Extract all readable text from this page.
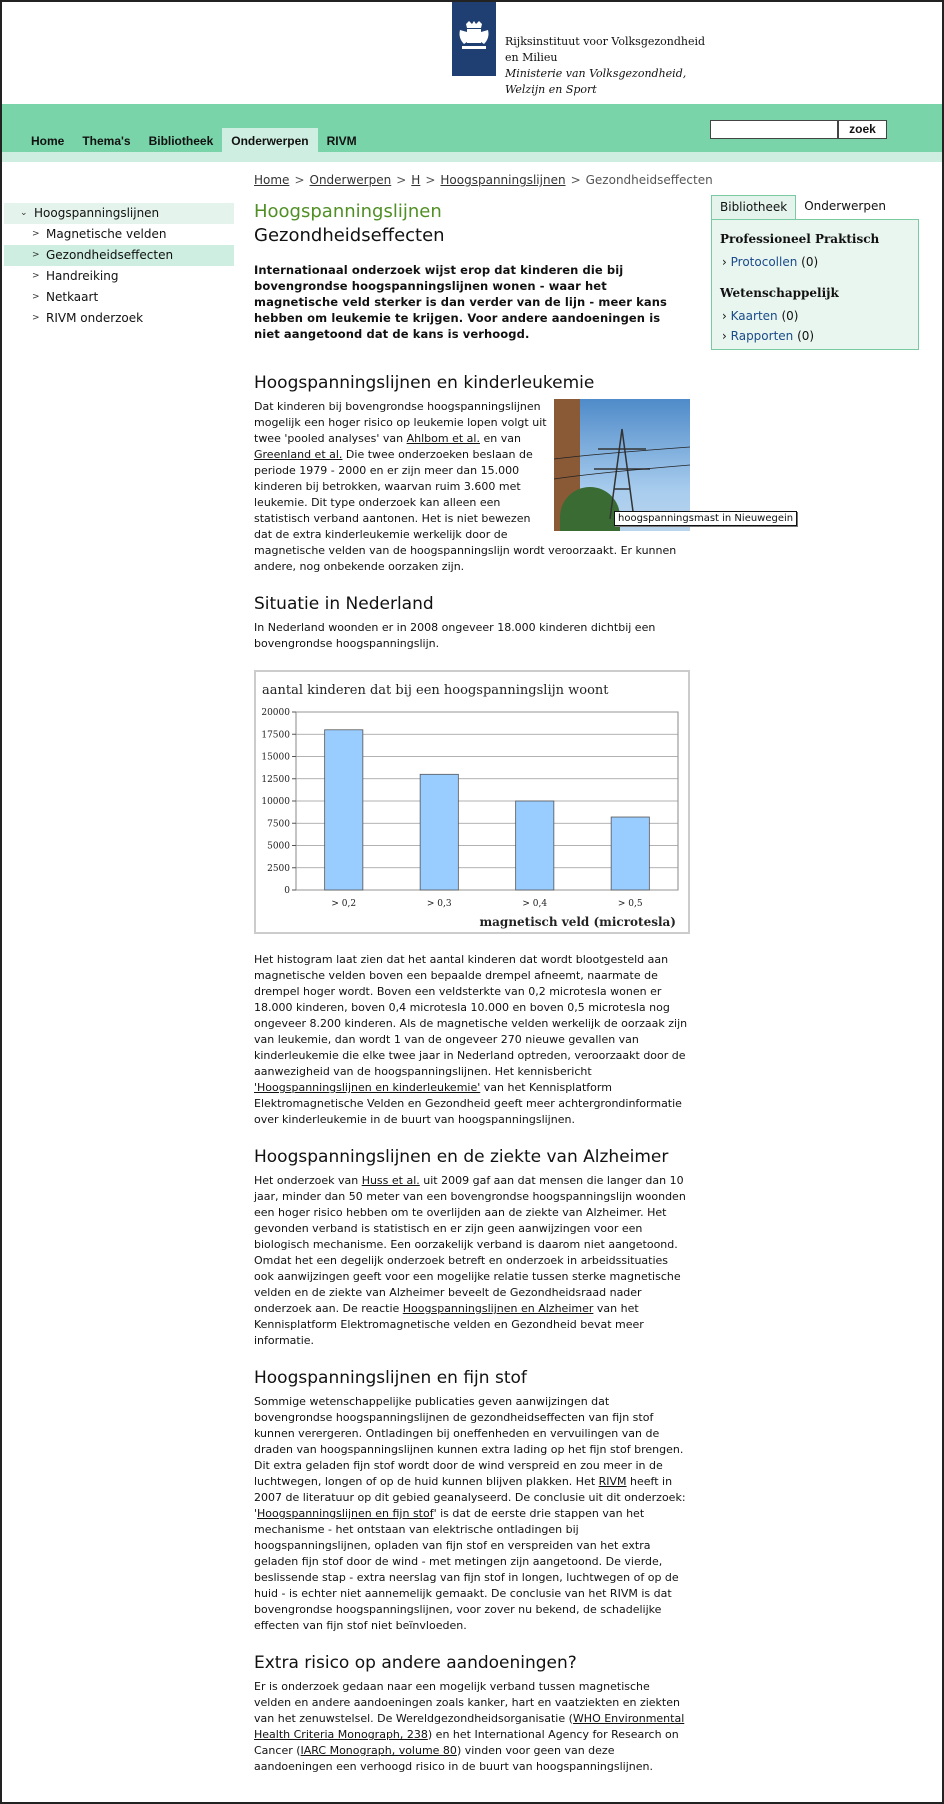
Rijksinstituut voor Volksgezondheid
en Milieu
Ministerie van Volksgezondheid,
Welzijn en Sport
Home	Thema's	Bibliotheek	Onderwerpen	RIVM
zoek
Home > Onderwerpen > H > Hoogspanningslijnen > Gezondheidseffecten
⌄ Hoogspanningslijnen
> Magnetische velden
> Gezondheidseffecten
> Handreiking
> Netkaart
> RIVM onderzoek
Bibliotheek	Onderwerpen
Professioneel Praktisch
› Protocollen (0)
Wetenschappelijk
› Kaarten (0)
› Rapporten (0)
Hoogspanningslijnen
Gezondheidseffecten
Internationaal onderzoek wijst erop dat kinderen die bij bovengrondse hoogspanningslijnen wonen - waar het magnetische veld sterker is dan verder van de lijn - meer kans hebben om leukemie te krijgen. Voor andere aandoeningen is niet aangetoond dat de kans is verhoogd.
Hoogspanningslijnen en kinderleukemie
hoogspanningsmast in Nieuwegein

Dat kinderen bij bovengrondse hoogspanningslijnen mogelijk een hoger risico op leukemie lopen volgt uit twee 'pooled analyses' van Ahlbom et al. en van Greenland et al. Die twee onderzoeken beslaan de periode 1979 - 2000 en er zijn meer dan 15.000 kinderen bij betrokken, waarvan ruim 3.600 met leukemie. Dit type onderzoek kan alleen een statistisch verband aantonen. Het is niet bewezen dat de extra kinderleukemie werkelijk door de magnetische velden van de hoogspanningslijn wordt veroorzaakt. Er kunnen andere, nog onbekende oorzaken zijn.

Situatie in Nederland

In Nederland woonden er in 2008 ongeveer 18.000 kinderen dichtbij een bovengrondse hoogspanningslijn.

aantal kinderen dat bij een hoogspanningslijn woont
0
2500
5000
7500
10000
12500
15000
17500
20000
> 0,2	> 0,3	> 0,4	> 0,5
magnetisch veld (microtesla)

Het histogram laat zien dat het aantal kinderen dat wordt blootgesteld aan magnetische velden boven een bepaalde drempel afneemt, naarmate de drempel hoger wordt. Boven een veldsterkte van 0,2 microtesla wonen er 18.000 kinderen, boven 0,4 microtesla 10.000 en boven 0,5 microtesla nog ongeveer 8.200 kinderen. Als de magnetische velden werkelijk de oorzaak zijn van leukemie, dan wordt 1 van de ongeveer 270 nieuwe gevallen van kinderleukemie die elke twee jaar in Nederland optreden, veroorzaakt door de aanwezigheid van de hoogspanningslijnen. Het kennisbericht 'Hoogspanningslijnen en kinderleukemie' van het Kennisplatform Elektromagnetische Velden en Gezondheid geeft meer achtergrondinformatie over kinderleukemie in de buurt van hoogspanningslijnen.

Hoogspanningslijnen en de ziekte van Alzheimer

Het onderzoek van Huss et al. uit 2009 gaf aan dat mensen die langer dan 10 jaar, minder dan 50 meter van een bovengrondse hoogspanningslijn woonden een hoger risico hebben om te overlijden aan de ziekte van Alzheimer. Het gevonden verband is statistisch en er zijn geen aanwijzingen voor een biologisch mechanisme. Een oorzakelijk verband is daarom niet aangetoond. Omdat het een degelijk onderzoek betreft en onderzoek in arbeidssituaties ook aanwijzingen geeft voor een mogelijke relatie tussen sterke magnetische velden en de ziekte van Alzheimer beveelt de Gezondheidsraad nader onderzoek aan. De reactie Hoogspanningslijnen en Alzheimer van het Kennisplatform Elektromagnetische velden en Gezondheid bevat meer informatie.

Hoogspanningslijnen en fijn stof

Sommige wetenschappelijke publicaties geven aanwijzingen dat bovengrondse hoogspanningslijnen de gezondheidseffecten van fijn stof kunnen verergeren. Ontladingen bij oneffenheden en vervuilingen van de draden van hoogspanningslijnen kunnen extra lading op het fijn stof brengen. Dit extra geladen fijn stof wordt door de wind verspreid en zou meer in de luchtwegen, longen of op de huid kunnen blijven plakken. Het RIVM heeft in 2007 de literatuur op dit gebied geanalyseerd. De conclusie uit dit onderzoek: 'Hoogspanningslijnen en fijn stof' is dat de eerste drie stappen van het mechanisme - het ontstaan van elektrische ontladingen bij hoogspanningslijnen, opladen van fijn stof en verspreiden van het extra geladen fijn stof door de wind - met metingen zijn aangetoond. De vierde, beslissende stap - extra neerslag van fijn stof in longen, luchtwegen of op de huid - is echter niet aannemelijk gemaakt. De conclusie van het RIVM is dat bovengrondse hoogspanningslijnen, voor zover nu bekend, de schadelijke effecten van fijn stof niet beïnvloeden.

Extra risico op andere aandoeningen?

Er is onderzoek gedaan naar een mogelijk verband tussen magnetische velden en andere aandoeningen zoals kanker, hart en vaatziekten en ziekten van het zenuwstelsel. De Wereldgezondheidsorganisatie (WHO Environmental Health Criteria Monograph, 238) en het International Agency for Research on Cancer (IARC Monograph, volume 80) vinden voor geen van deze aandoeningen een verhoogd risico in de buurt van hoogspanningslijnen.
